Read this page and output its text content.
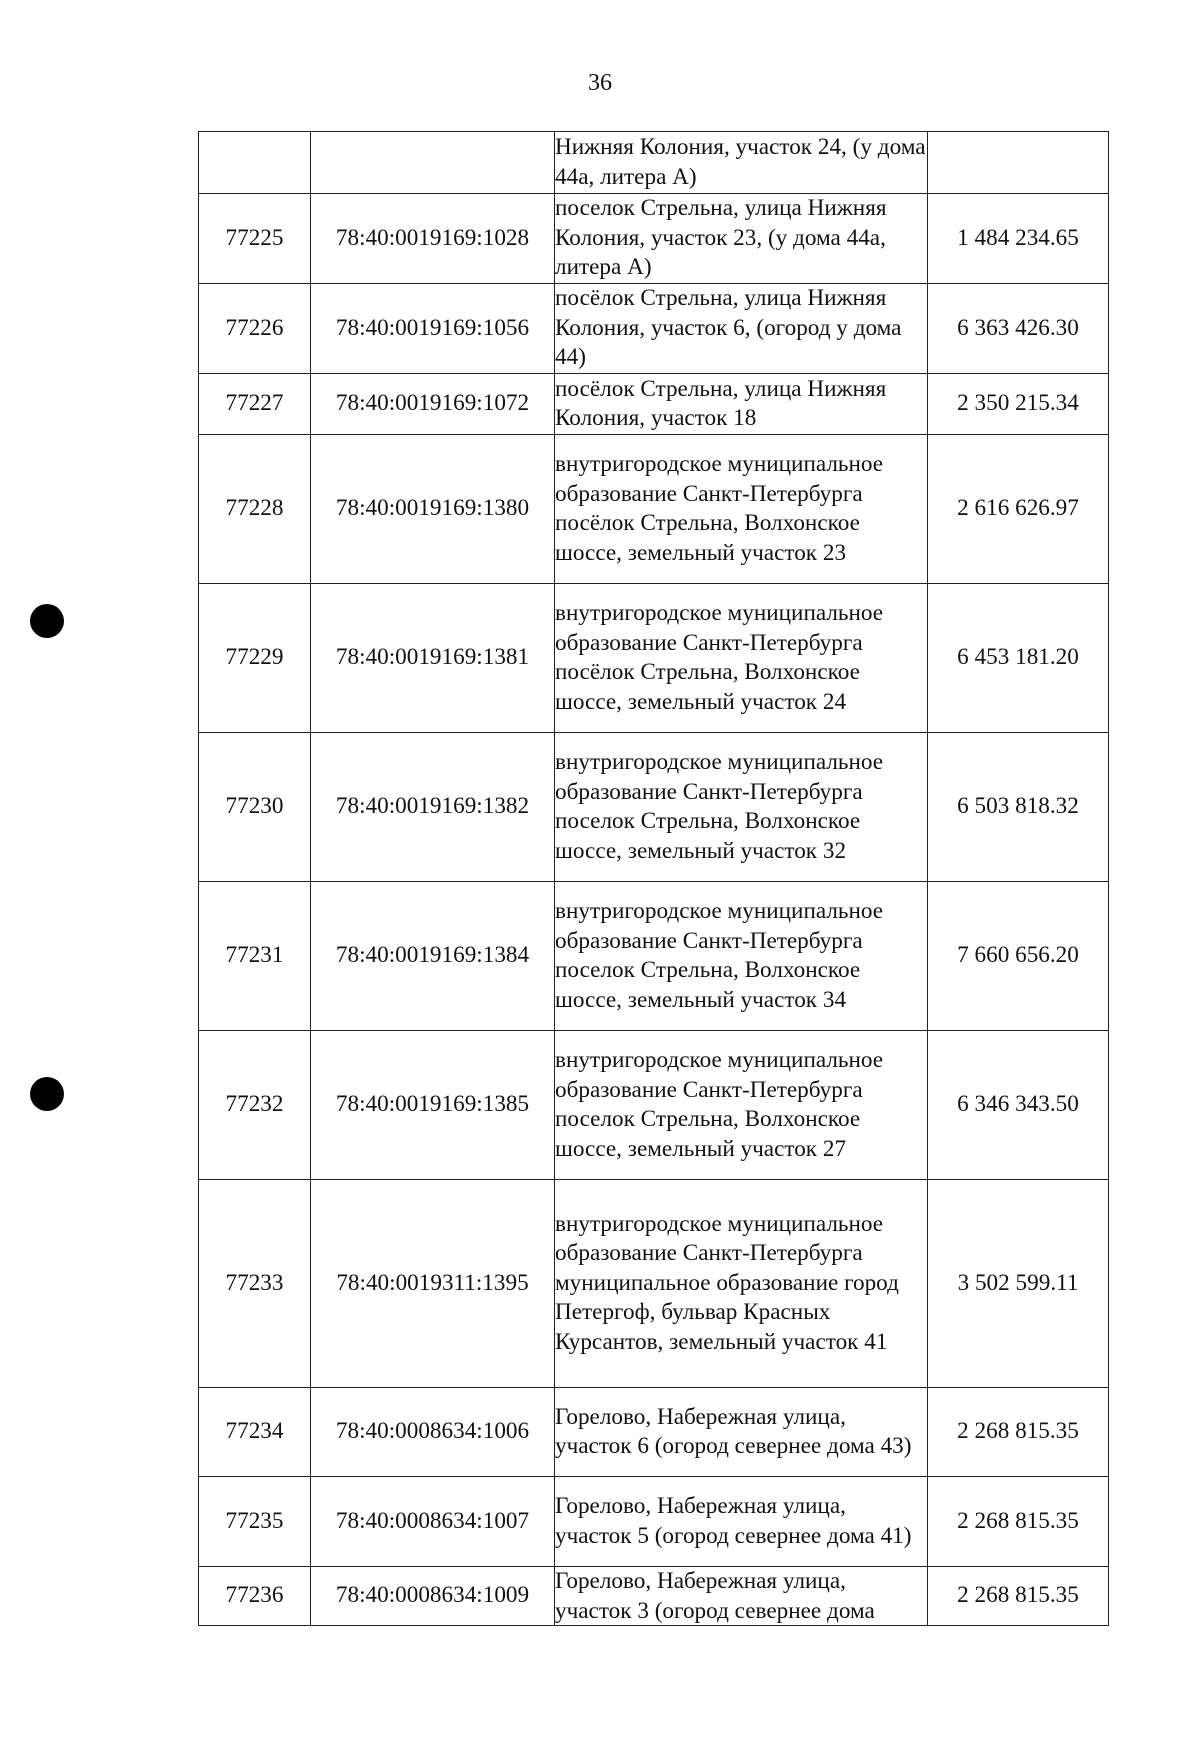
36

		Нижняя Колония, участок 24, (у дома 44а, литера А)	

77225	78:40:0019169:1028	поселок Стрельна, улица Нижняя Колония, участок 23, (у дома 44а, литера А)	1 484 234.65
77226	78:40:0019169:1056	посёлок Стрельна, улица Нижняя Колония, участок 6, (огород у дома 44)	6 363 426.30
77227	78:40:0019169:1072	посёлок Стрельна, улица Нижняя Колония, участок 18	2 350 215.34
77228	78:40:0019169:1380	внутригородское муниципальное образование Санкт-Петербурга посёлок Стрельна, Волхонское шоссе, земельный участок 23	2 616 626.97
77229	78:40:0019169:1381	внутригородское муниципальное образование Санкт-Петербурга посёлок Стрельна, Волхонское шоссе, земельный участок 24	6 453 181.20
77230	78:40:0019169:1382	внутригородское муниципальное образование Санкт-Петербурга поселок Стрельна, Волхонское шоссе, земельный участок 32	6 503 818.32
77231	78:40:0019169:1384	внутригородское муниципальное образование Санкт-Петербурга поселок Стрельна, Волхонское шоссе, земельный участок 34	7 660 656.20
77232	78:40:0019169:1385	внутригородское муниципальное образование Санкт-Петербурга поселок Стрельна, Волхонское шоссе, земельный участок 27	6 346 343.50
77233	78:40:0019311:1395	внутригородское муниципальное образование Санкт-Петербурга муниципальное образование город Петергоф, бульвар Красных Курсантов, земельный участок 41	3 502 599.11
77234	78:40:0008634:1006	Горелово, Набережная улица, участок 6 (огород севернее дома 43)	2 268 815.35
77235	78:40:0008634:1007	Горелово, Набережная улица, участок 5 (огород севернее дома 41)	2 268 815.35
77236	78:40:0008634:1009	Горелово, Набережная улица, участок 3 (огород севернее дома	2 268 815.35
